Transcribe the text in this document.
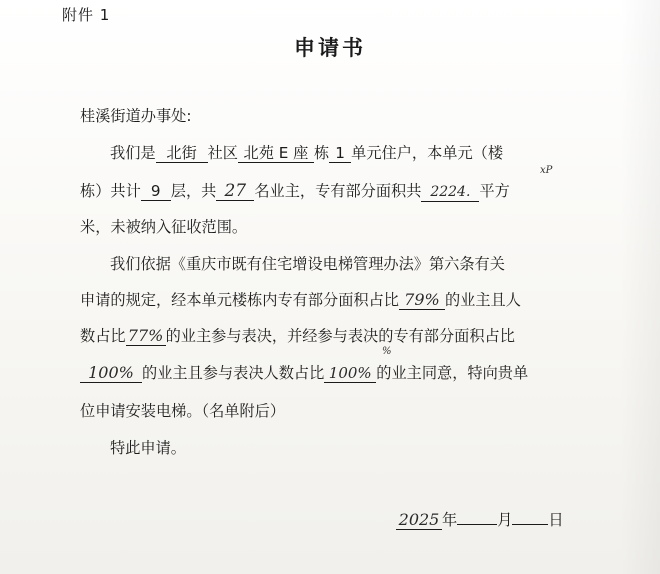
附件 1
申请书
桂溪街道办事处:
我们是 北街 社区 北苑 E 座 栋 1 单元住户，本单元（楼
栋）共计 9 层，共 27 名业主，专有部分面积共 2224. 平方
xP
米，未被纳入征收范围。
我们依据《重庆市既有住宅增设电梯管理办法》第六条有关
申请的规定，经本单元楼栋内专有部分面积占比 79% 的业主且人
数占比 77% 的业主参与表决，并经参与表决的专有部分面积占比
100% 的业主且参与表决人数占比 100% 的业主同意，特向贵单
%
位申请安装电梯。（名单附后）
特此申请。
2025 年	月 日
